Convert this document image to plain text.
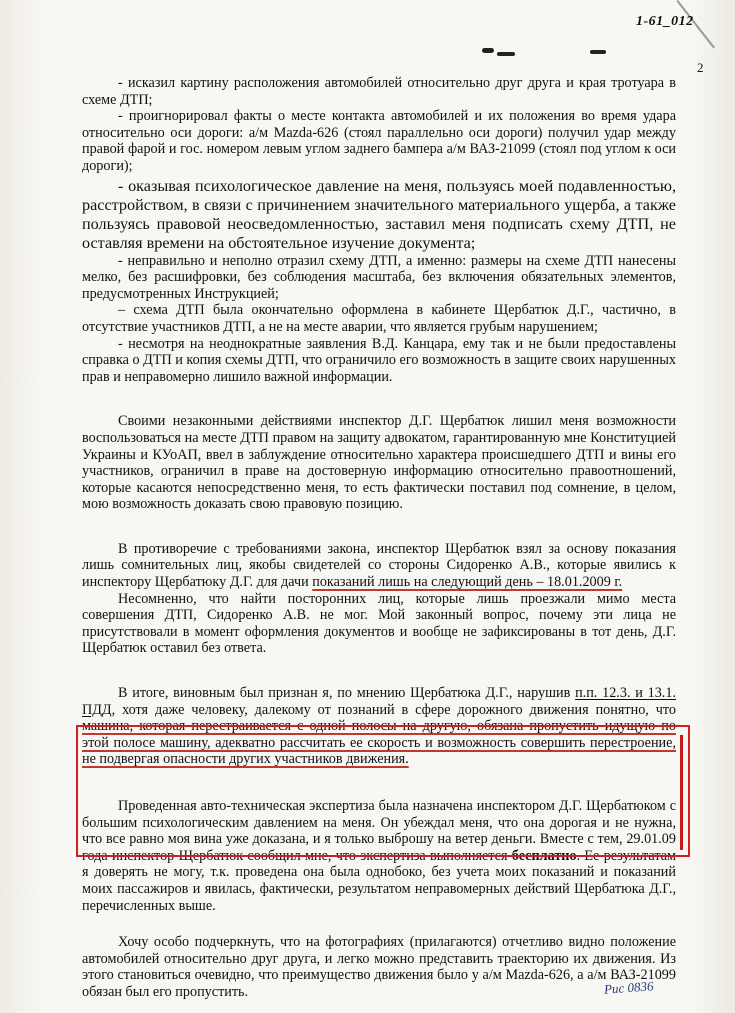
1-61_012
2

- исказил картину расположения автомобилей относительно друг друга и края тротуара в схеме ДТП;

- проигнорировал факты о месте контакта автомобилей и их положения во время удара относительно оси дороги: а/м Mazda-626 (стоял параллельно оси дороги) получил удар между правой фарой и гос. номером левым углом заднего бампера а/м ВАЗ-21099 (стоял под углом к оси дороги);

- оказывая психологическое давление на меня, пользуясь моей подавленностью, расстройством, в связи с причинением значительного материального ущерба, а также пользуясь правовой неосведомленностью, заставил меня подписать схему ДТП, не оставляя времени на обстоятельное изучение документа;

- неправильно и неполно отразил схему ДТП, а именно: размеры на схеме ДТП нанесены мелко, без расшифровки, без соблюдения масштаба, без включения обязательных элементов, предусмотренных Инструкцией;

– схема ДТП была окончательно оформлена в кабинете Щербатюк Д.Г., частично, в отсутствие участников ДТП, а не на месте аварии, что является грубым нарушением;

- несмотря на неоднократные заявления В.Д. Канцара, ему так и не были предоставлены справка о ДТП и копия схемы ДТП, что ограничило его возможность в защите своих нарушенных прав и неправомерно лишило важной информации.

Своими незаконными действиями инспектор Д.Г. Щербатюк лишил меня возможности воспользоваться на месте ДТП правом на защиту адвокатом, гарантированную мне Конституцией Украины и КУоАП, ввел в заблуждение относительно характера происшедшего ДТП и вины его участников, ограничил в праве на достоверную информацию относительно правоотношений, которые касаются непосредственно меня, то есть фактически поставил под сомнение, в целом, мою возможность доказать свою правовую позицию.

В противоречие с требованиями закона, инспектор Щербатюк взял за основу показания лишь сомнительных лиц, якобы свидетелей со стороны Сидоренко А.В., которые явились к инспектору Щербатюку Д.Г. для дачи показаний лишь на следующий день – 18.01.2009 г.

Несомненно, что найти посторонних лиц, которые лишь проезжали мимо места совершения ДТП, Сидоренко А.В. не мог. Мой законный вопрос, почему эти лица не присутствовали в момент оформления документов и вообще не зафиксированы в тот день, Д.Г. Щербатюк оставил без ответа.

В итоге, виновным был признан я, по мнению Щербатюка Д.Г., нарушив п.п. 12.3. и 13.1. ПДД, хотя даже человеку, далекому от познаний в сфере дорожного движения понятно, что машина, которая перестраивается с одной полосы на другую, обязана пропустить идущую по этой полосе машину, адекватно рассчитать ее скорость и возможность совершить перестроение, не подвергая опасности других участников движения.

Проведенная авто-техническая экспертиза была назначена инспектором Д.Г. Щербатюком с большим психологическим давлением на меня. Он убеждал меня, что она дорогая и не нужна, что все равно моя вина уже доказана, и я только выброшу на ветер деньги. Вместе с тем, 29.01.09 года инспектор Щербатюк сообщил мне, что экспертиза выполняется бесплатно. Ее результатам я доверять не могу, т.к. проведена она была однобоко, без учета моих показаний и показаний моих пассажиров и явилась, фактически, результатом неправомерных действий Щербатюка Д.Г., перечисленных выше.

Хочу особо подчеркнуть, что на фотографиях (прилагаются) отчетливо видно положение автомобилей относительно друг друга, и легко можно представить траекторию их движения. Из этого становиться очевидно, что преимущество движения было у а/м Mazda-626, а а/м ВАЗ-21099 обязан был его пропустить.	Рис 0836
